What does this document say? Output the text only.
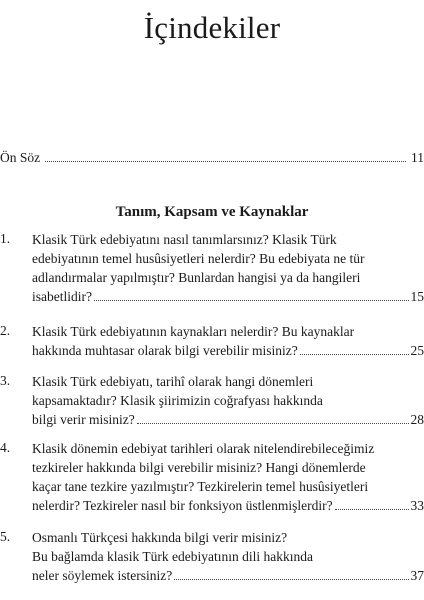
İçindekiler
Ön Söz	11
Tanım, Kapsam ve Kaynaklar
1. Klasik Türk edebiyatını nasıl tanımlarsınız? Klasik Türk
edebiyatının temel husûsiyetleri nelerdir? Bu edebiyata ne tür
adlandırmalar yapılmıştır? Bunlardan hangisi ya da hangileri
isabetlidir?	15
2. Klasik Türk edebiyatının kaynakları nelerdir? Bu kaynaklar
hakkında muhtasar olarak bilgi verebilir misiniz?	25
3. Klasik Türk edebiyatı, tarihî olarak hangi dönemleri
kapsamaktadır? Klasik şiirimizin coğrafyası hakkında
bilgi verir misiniz?	28
4. Klasik dönemin edebiyat tarihleri olarak nitelendirebileceğimiz
tezkireler hakkında bilgi verebilir misiniz? Hangi dönemlerde
kaçar tane tezkire yazılmıştır? Tezkirelerin temel husûsiyetleri
nelerdir? Tezkireler nasıl bir fonksiyon üstlenmişlerdir?	33
5. Osmanlı Türkçesi hakkında bilgi verir misiniz?
Bu bağlamda klasik Türk edebiyatının dili hakkında
neler söylemek istersiniz?	37
